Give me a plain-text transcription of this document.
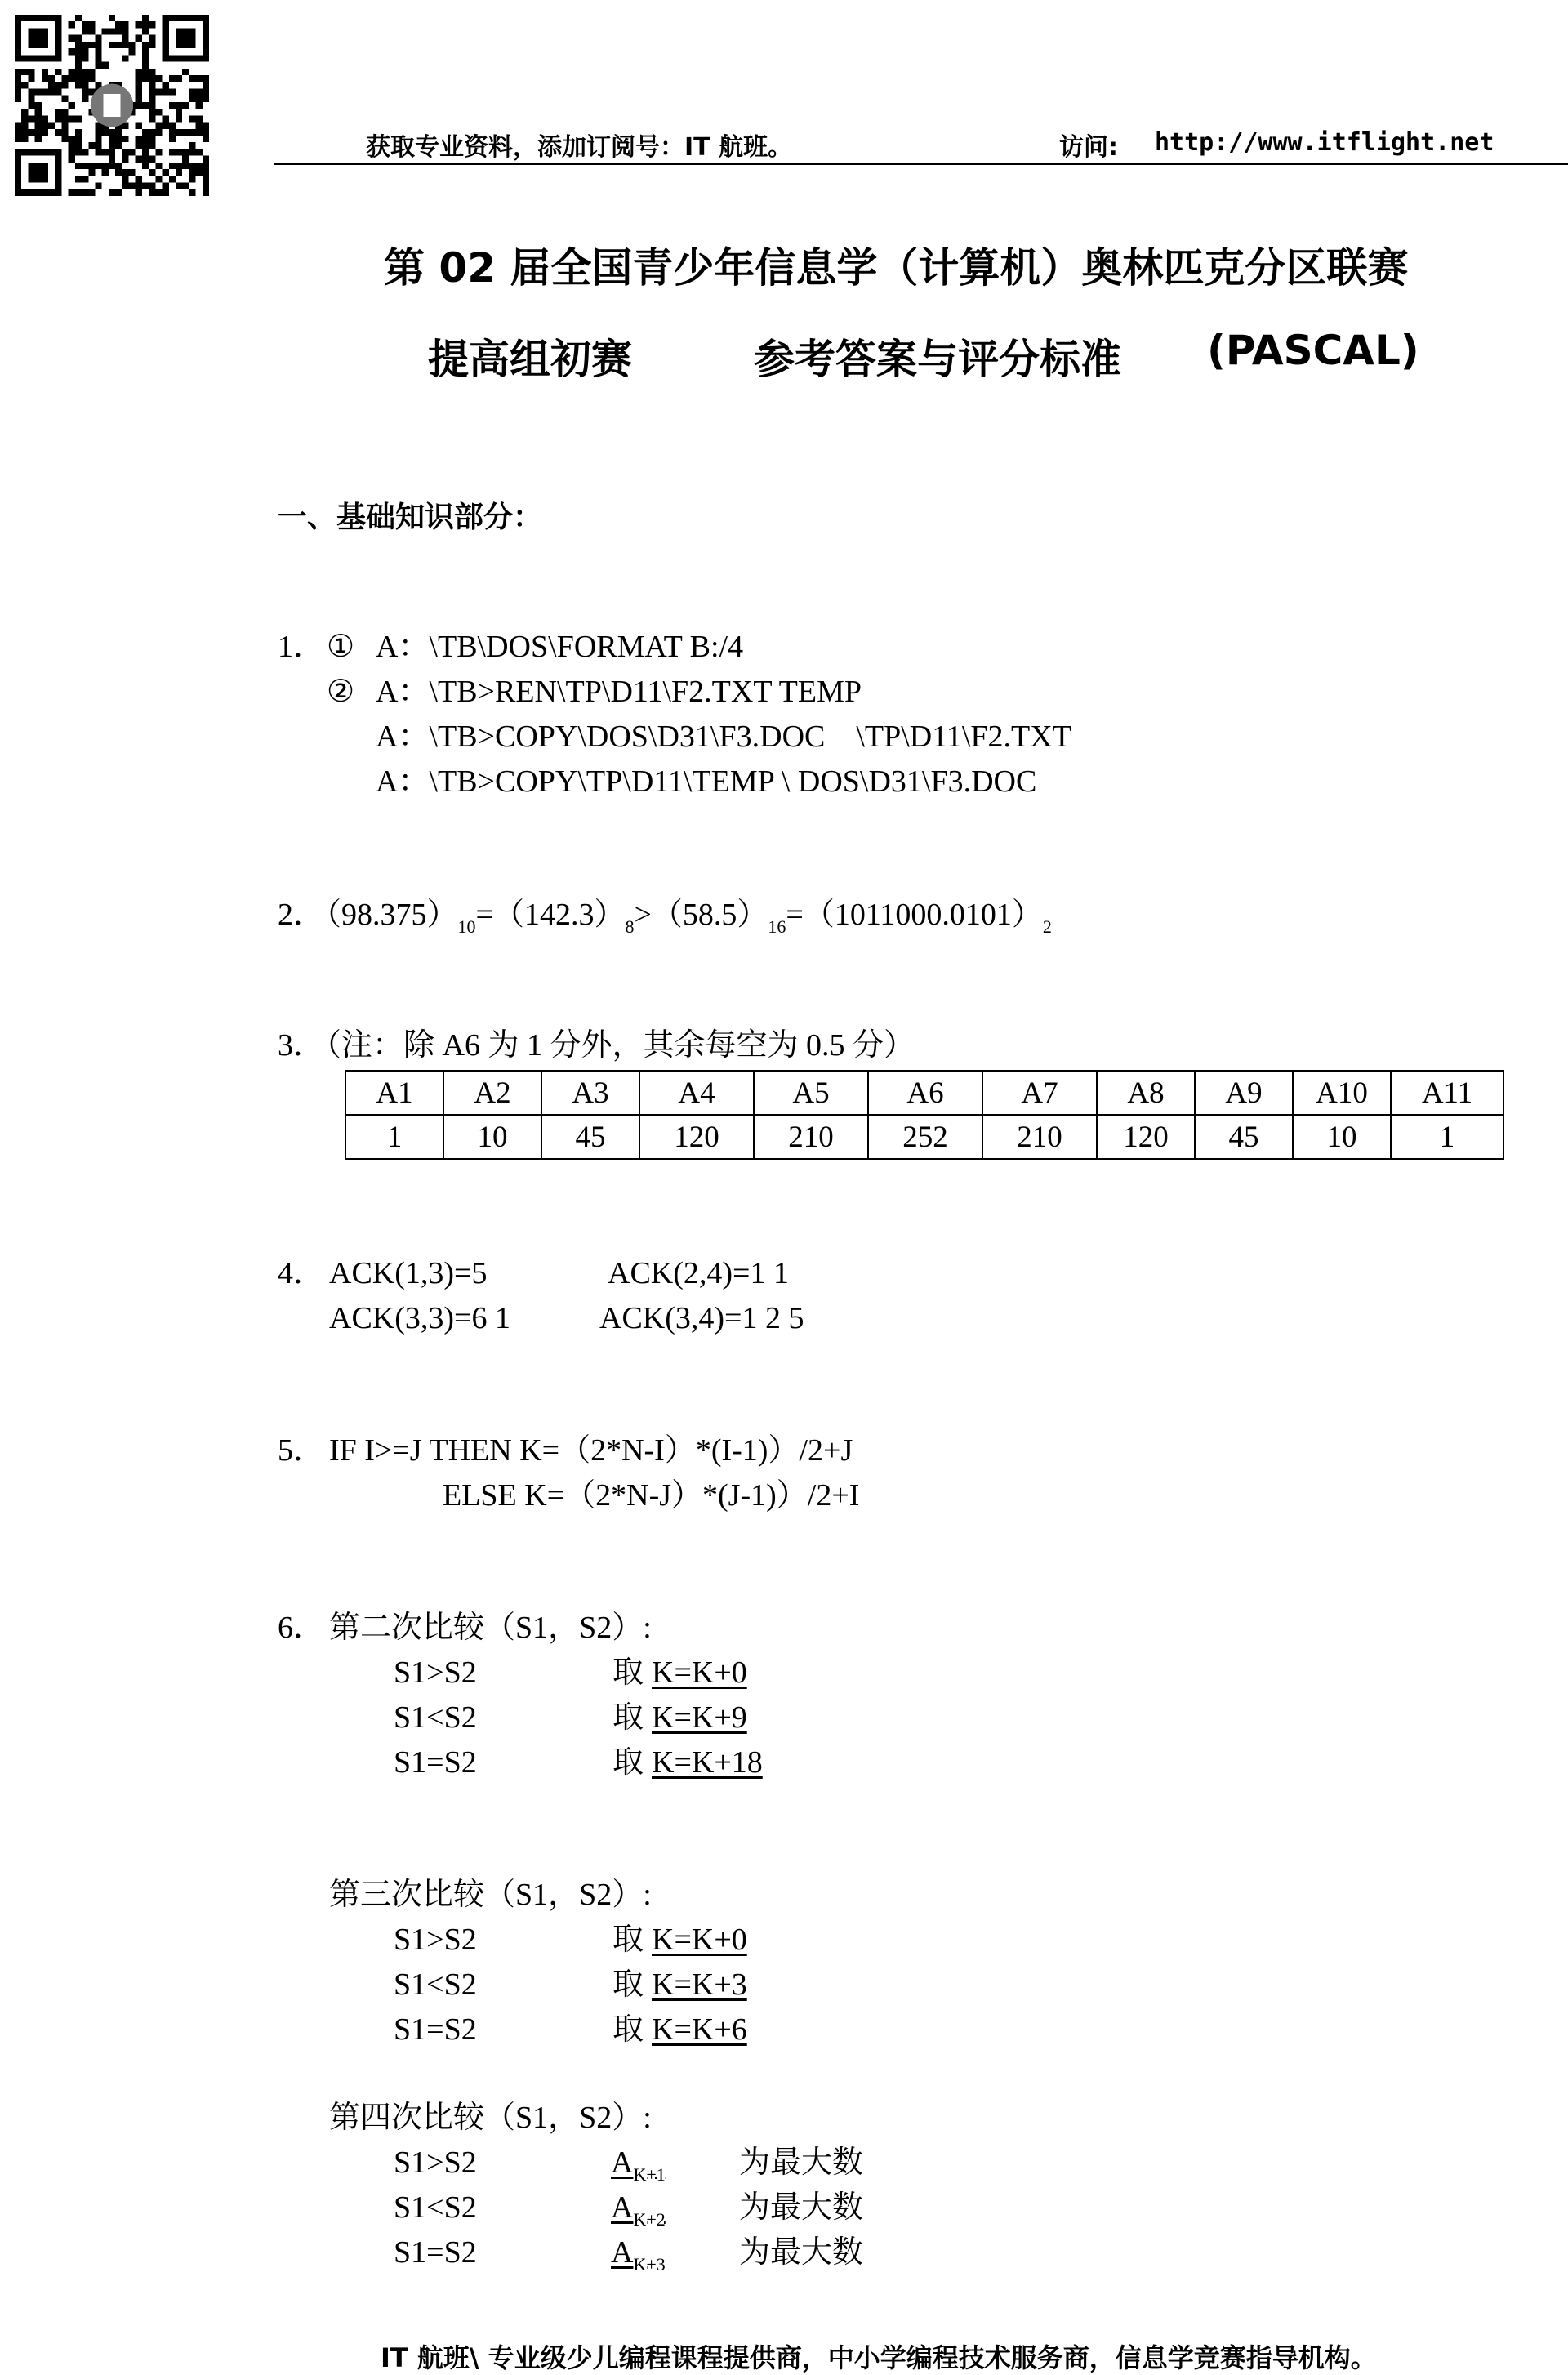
获取专业资料，添加订阅号：IT 航班。	访问: http://www.itflight.net
第 02 届全国青少年信息学（计算机）奥林匹克分区联赛
提高组初赛	参考答案与评分标准 (PASCAL)
一、基础知识部分：
1． ① A：\TB\DOS\FORMAT B:/4
② A：\TB>REN\TP\D11\F2.TXT TEMP
A：\TB>COPY\DOS\D31\F3.DOC    \TP\D11\F2.TXT
A：\TB>COPY\TP\D11\TEMP \ DOS\D31\F3.DOC
2．
$(98.375)_{10}=(142.3)_8>(58.5)_{16}=(1011000.0101)_2$
3．
（注：除 A6 为 1 分外，其余每空为 0.5 分）
A1	A2	A3	A4	A5	A6	A7	A8	A9	A10	A11
1	10	45	120	210	252	210	120	45	10	1
4． ACK(1,3)=5	ACK(2,4)=1 1
ACK(3,3)=6 1	ACK(3,4)=1 2 5
5． IF I>=J THEN K=（2*N-I）*(I-1)）/2+J
ELSE K=（2*N-J）*(J-1)）/2+I
6． 第二次比较（S1，S2）:
S1>S2	取 K=K+0
S1<S2	取 K=K+9
S1=S2	取 K=K+18
第三次比较（S1，S2）:
S1>S2	取 K=K+0
S1<S2	取 K=K+3
S1=S2	取 K=K+6
第四次比较（S1，S2）:
S1>S2	$A_{K+1}$ 为最大数
S1<S2	$A_{K+2}$ 为最大数
S1=S2	$A_{K+3}$ 为最大数
IT 航班\ 专业级少儿编程课程提供商，中小学编程技术服务商，信息学竞赛指导机构。
